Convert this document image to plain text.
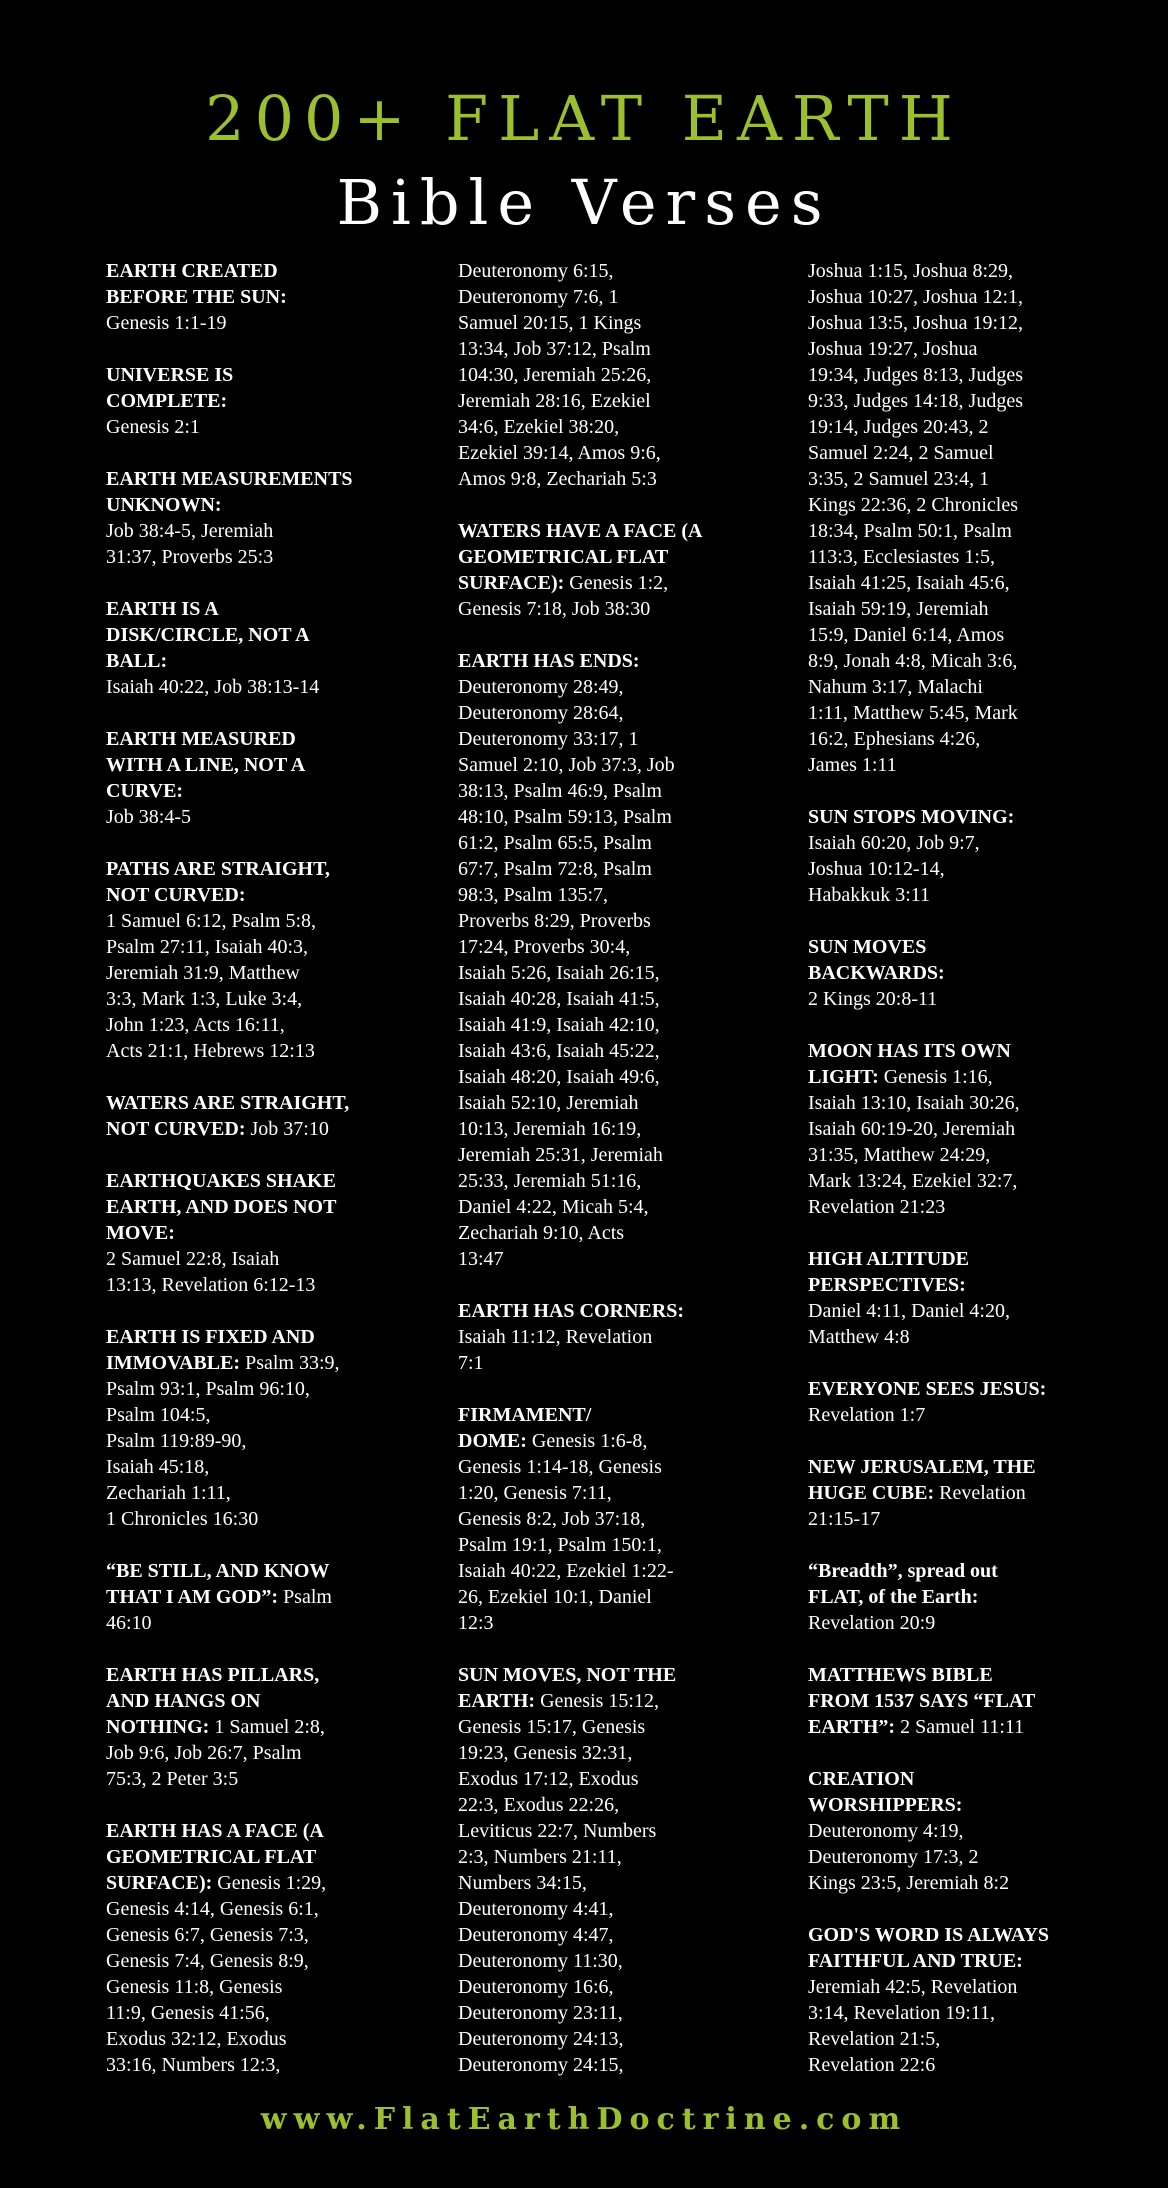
200+ FLAT EARTH
Bible Verses
EARTH CREATED
BEFORE THE SUN:
Genesis 1:1-19
UNIVERSE IS
COMPLETE:
Genesis 2:1
EARTH MEASUREMENTS
UNKNOWN:
Job 38:4-5, Jeremiah
31:37, Proverbs 25:3
EARTH IS A
DISK/CIRCLE, NOT A
BALL:
Isaiah 40:22, Job 38:13-14
EARTH MEASURED
WITH A LINE, NOT A
CURVE:
Job 38:4-5
PATHS ARE STRAIGHT,
NOT CURVED:
1 Samuel 6:12, Psalm 5:8,
Psalm 27:11, Isaiah 40:3,
Jeremiah 31:9, Matthew
3:3, Mark 1:3, Luke 3:4,
John 1:23, Acts 16:11,
Acts 21:1, Hebrews 12:13
WATERS ARE STRAIGHT,
NOT CURVED: Job 37:10
EARTHQUAKES SHAKE
EARTH, AND DOES NOT
MOVE:
2 Samuel 22:8, Isaiah
13:13, Revelation 6:12-13
EARTH IS FIXED AND
IMMOVABLE: Psalm 33:9,
Psalm 93:1, Psalm 96:10,
Psalm 104:5,
Psalm 119:89-90,
Isaiah 45:18,
Zechariah 1:11,
1 Chronicles 16:30
“BE STILL, AND KNOW
THAT I AM GOD”: Psalm
46:10
EARTH HAS PILLARS,
AND HANGS ON
NOTHING: 1 Samuel 2:8,
Job 9:6, Job 26:7, Psalm
75:3, 2 Peter 3:5
EARTH HAS A FACE (A
GEOMETRICAL FLAT
SURFACE): Genesis 1:29,
Genesis 4:14, Genesis 6:1,
Genesis 6:7, Genesis 7:3,
Genesis 7:4, Genesis 8:9,
Genesis 11:8, Genesis
11:9, Genesis 41:56,
Exodus 32:12, Exodus
33:16, Numbers 12:3,
Deuteronomy 6:15,
Deuteronomy 7:6, 1
Samuel 20:15, 1 Kings
13:34, Job 37:12, Psalm
104:30, Jeremiah 25:26,
Jeremiah 28:16, Ezekiel
34:6, Ezekiel 38:20,
Ezekiel 39:14, Amos 9:6,
Amos 9:8, Zechariah 5:3
WATERS HAVE A FACE (A
GEOMETRICAL FLAT
SURFACE): Genesis 1:2,
Genesis 7:18, Job 38:30
EARTH HAS ENDS:
Deuteronomy 28:49,
Deuteronomy 28:64,
Deuteronomy 33:17, 1
Samuel 2:10, Job 37:3, Job
38:13, Psalm 46:9, Psalm
48:10, Psalm 59:13, Psalm
61:2, Psalm 65:5, Psalm
67:7, Psalm 72:8, Psalm
98:3, Psalm 135:7,
Proverbs 8:29, Proverbs
17:24, Proverbs 30:4,
Isaiah 5:26, Isaiah 26:15,
Isaiah 40:28, Isaiah 41:5,
Isaiah 41:9, Isaiah 42:10,
Isaiah 43:6, Isaiah 45:22,
Isaiah 48:20, Isaiah 49:6,
Isaiah 52:10, Jeremiah
10:13, Jeremiah 16:19,
Jeremiah 25:31, Jeremiah
25:33, Jeremiah 51:16,
Daniel 4:22, Micah 5:4,
Zechariah 9:10, Acts
13:47
EARTH HAS CORNERS:
Isaiah 11:12, Revelation
7:1
FIRMAMENT/
DOME: Genesis 1:6-8,
Genesis 1:14-18, Genesis
1:20, Genesis 7:11,
Genesis 8:2, Job 37:18,
Psalm 19:1, Psalm 150:1,
Isaiah 40:22, Ezekiel 1:22-
26, Ezekiel 10:1, Daniel
12:3
SUN MOVES, NOT THE
EARTH: Genesis 15:12,
Genesis 15:17, Genesis
19:23, Genesis 32:31,
Exodus 17:12, Exodus
22:3, Exodus 22:26,
Leviticus 22:7, Numbers
2:3, Numbers 21:11,
Numbers 34:15,
Deuteronomy 4:41,
Deuteronomy 4:47,
Deuteronomy 11:30,
Deuteronomy 16:6,
Deuteronomy 23:11,
Deuteronomy 24:13,
Deuteronomy 24:15,
Joshua 1:15, Joshua 8:29,
Joshua 10:27, Joshua 12:1,
Joshua 13:5, Joshua 19:12,
Joshua 19:27, Joshua
19:34, Judges 8:13, Judges
9:33, Judges 14:18, Judges
19:14, Judges 20:43, 2
Samuel 2:24, 2 Samuel
3:35, 2 Samuel 23:4, 1
Kings 22:36, 2 Chronicles
18:34, Psalm 50:1, Psalm
113:3, Ecclesiastes 1:5,
Isaiah 41:25, Isaiah 45:6,
Isaiah 59:19, Jeremiah
15:9, Daniel 6:14, Amos
8:9, Jonah 4:8, Micah 3:6,
Nahum 3:17, Malachi
1:11, Matthew 5:45, Mark
16:2, Ephesians 4:26,
James 1:11
SUN STOPS MOVING:
Isaiah 60:20, Job 9:7,
Joshua 10:12-14,
Habakkuk 3:11
SUN MOVES
BACKWARDS:
2 Kings 20:8-11
MOON HAS ITS OWN
LIGHT: Genesis 1:16,
Isaiah 13:10, Isaiah 30:26,
Isaiah 60:19-20, Jeremiah
31:35, Matthew 24:29,
Mark 13:24, Ezekiel 32:7,
Revelation 21:23
HIGH ALTITUDE
PERSPECTIVES:
Daniel 4:11, Daniel 4:20,
Matthew 4:8
EVERYONE SEES JESUS:
Revelation 1:7
NEW JERUSALEM, THE
HUGE CUBE: Revelation
21:15-17
“Breadth”, spread out
FLAT, of the Earth:
Revelation 20:9
MATTHEWS BIBLE
FROM 1537 SAYS “FLAT
EARTH”: 2 Samuel 11:11
CREATION
WORSHIPPERS:
Deuteronomy 4:19,
Deuteronomy 17:3, 2
Kings 23:5, Jeremiah 8:2
GOD'S WORD IS ALWAYS
FAITHFUL AND TRUE:
Jeremiah 42:5, Revelation
3:14, Revelation 19:11,
Revelation 21:5,
Revelation 22:6
www.FlatEarthDoctrine.com
